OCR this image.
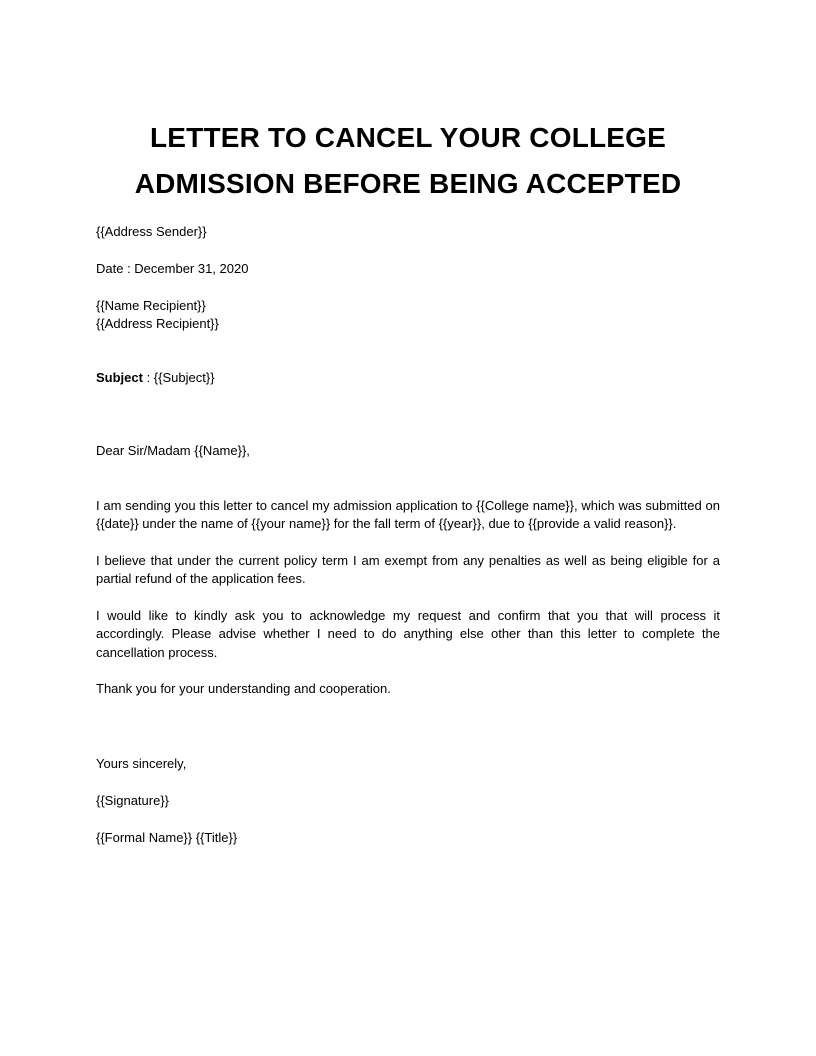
LETTER TO CANCEL YOUR COLLEGE
ADMISSION BEFORE BEING ACCEPTED
{{Address Sender}}
Date : December 31, 2020
{{Name Recipient}}
{{Address Recipient}}
Subject : {{Subject}}
Dear Sir/Madam {{Name}},
I am sending you this letter to cancel my admission application to {{College name}}, which was submitted on {{date}} under the name of {{your name}} for the fall term of {{year}}, due to {{provide a valid reason}}.
I believe that under the current policy term I am exempt from any penalties as well as being eligible for a partial refund of the application fees.
I would like to kindly ask you to acknowledge my request and confirm that you that will process it accordingly. Please advise whether I need to do anything else other than this letter to complete the cancellation process.
Thank you for your understanding and cooperation.
Yours sincerely,
{{Signature}}
{{Formal Name}} {{Title}}
